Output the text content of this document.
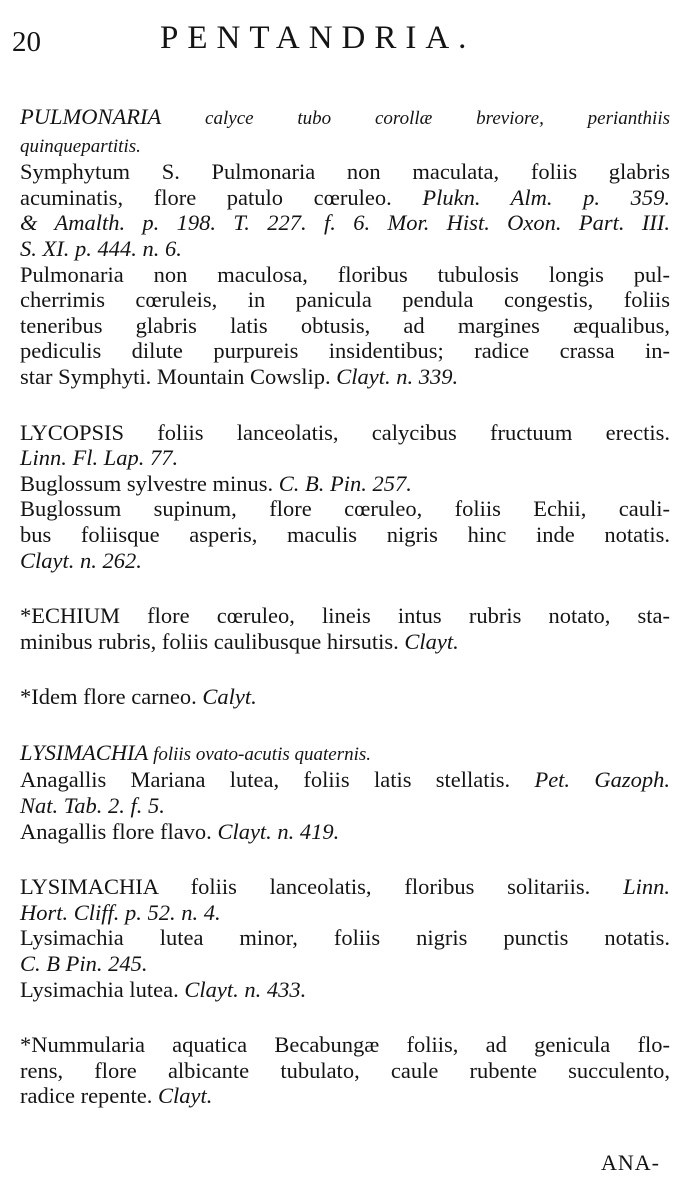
20	PENTANDRIA.
PULMONARIA calyce tubo corollæ breviore, perianthiis
quinquepartitis.
Symphytum S. Pulmonaria non maculata, foliis glabris
acuminatis, flore patulo cœruleo. Plukn. Alm. p. 359.
& Amalth. p. 198. T. 227. f. 6. Mor. Hist. Oxon. Part. III.
S. XI. p. 444. n. 6.
Pulmonaria non maculosa, floribus tubulosis longis pul-
cherrimis cœruleis, in panicula pendula congestis, foliis
teneribus glabris latis obtusis, ad margines æqualibus,
pediculis dilute purpureis insidentibus; radice crassa in-
star Symphyti. Mountain Cowslip. Clayt. n. 339.
LYCOPSIS foliis lanceolatis, calycibus fructuum erectis.
Linn. Fl. Lap. 77.
Buglossum sylvestre minus. C. B. Pin. 257.
Buglossum supinum, flore cœruleo, foliis Echii, cauli-
bus foliisque asperis, maculis nigris hinc inde notatis.
Clayt. n. 262.
*ECHIUM flore cœruleo, lineis intus rubris notato, sta-
minibus rubris, foliis caulibusque hirsutis. Clayt.
*Idem flore carneo. Calyt.
LYSIMACHIA foliis ovato-acutis quaternis.
Anagallis Mariana lutea, foliis latis stellatis. Pet. Gazoph.
Nat. Tab. 2. f. 5.
Anagallis flore flavo. Clayt. n. 419.
LYSIMACHIA foliis lanceolatis, floribus solitariis. Linn.
Hort. Cliff. p. 52. n. 4.
Lysimachia lutea minor, foliis nigris punctis notatis.
C. B Pin. 245.
Lysimachia lutea. Clayt. n. 433.
*Nummularia aquatica Becabungæ foliis, ad genicula flo-
rens, flore albicante tubulato, caule rubente succulento,
radice repente. Clayt.
ANA-
